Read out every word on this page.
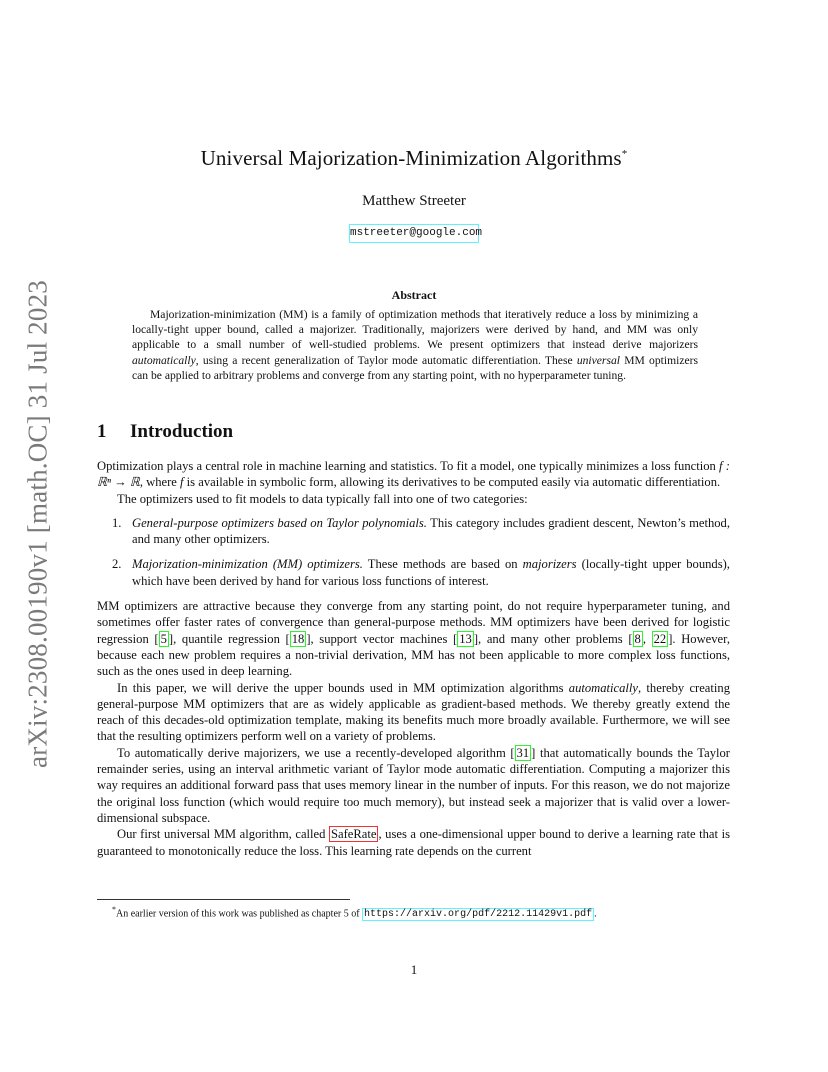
arXiv:2308.00190v1 [math.OC] 31 Jul 2023
Universal Majorization-Minimization Algorithms*
Matthew Streeter
mstreeter@google.com
Abstract
Majorization-minimization (MM) is a family of optimization methods that iteratively reduce a loss by minimizing a locally-tight upper bound, called a majorizer. Traditionally, majorizers were derived by hand, and MM was only applicable to a small number of well-studied problems. We present optimizers that instead derive majorizers automatically, using a recent generalization of Taylor mode automatic differentiation. These universal MM optimizers can be applied to arbitrary problems and converge from any starting point, with no hyperparameter tuning.
1 Introduction

Optimization plays a central role in machine learning and statistics. To fit a model, one typically minimizes a loss function f : ℝⁿ → ℝ, where f is available in symbolic form, allowing its derivatives to be computed easily via automatic differentiation.

The optimizers used to fit models to data typically fall into one of two categories:

1. General-purpose optimizers based on Taylor polynomials. This category includes gradient descent, Newton’s method, and many other optimizers.
2. Majorization-minimization (MM) optimizers. These methods are based on majorizers (locally-tight upper bounds), which have been derived by hand for various loss functions of interest.

MM optimizers are attractive because they converge from any starting point, do not require hyperparameter tuning, and sometimes offer faster rates of convergence than general-purpose methods. MM optimizers have been derived for logistic regression [ 5 ], quantile regression [ 18 ], support vector machines [ 13 ], and many other problems [ 8 , 22 ]. However, because each new problem requires a non-trivial derivation, MM has not been applicable to more complex loss functions, such as the ones used in deep learning.

In this paper, we will derive the upper bounds used in MM optimization algorithms automatically, thereby creating general-purpose MM optimizers that are as widely applicable as gradient-based methods. We thereby greatly extend the reach of this decades-old optimization template, making its benefits much more broadly available. Furthermore, we will see that the resulting optimizers perform well on a variety of problems.

To automatically derive majorizers, we use a recently-developed algorithm [ 31 ] that automatically bounds the Taylor remainder series, using an interval arithmetic variant of Taylor mode automatic differentiation. Computing a majorizer this way requires an additional forward pass that uses memory linear in the number of inputs. For this reason, we do not majorize the original loss function (which would require too much memory), but instead seek a majorizer that is valid over a lower-dimensional subspace.

Our first universal MM algorithm, called SafeRate , uses a one-dimensional upper bound to derive a learning rate that is guaranteed to monotonically reduce the loss. This learning rate depends on the current

*An earlier version of this work was published as chapter 5 of https://arxiv.org/pdf/2212.11429v1.pdf .
1
